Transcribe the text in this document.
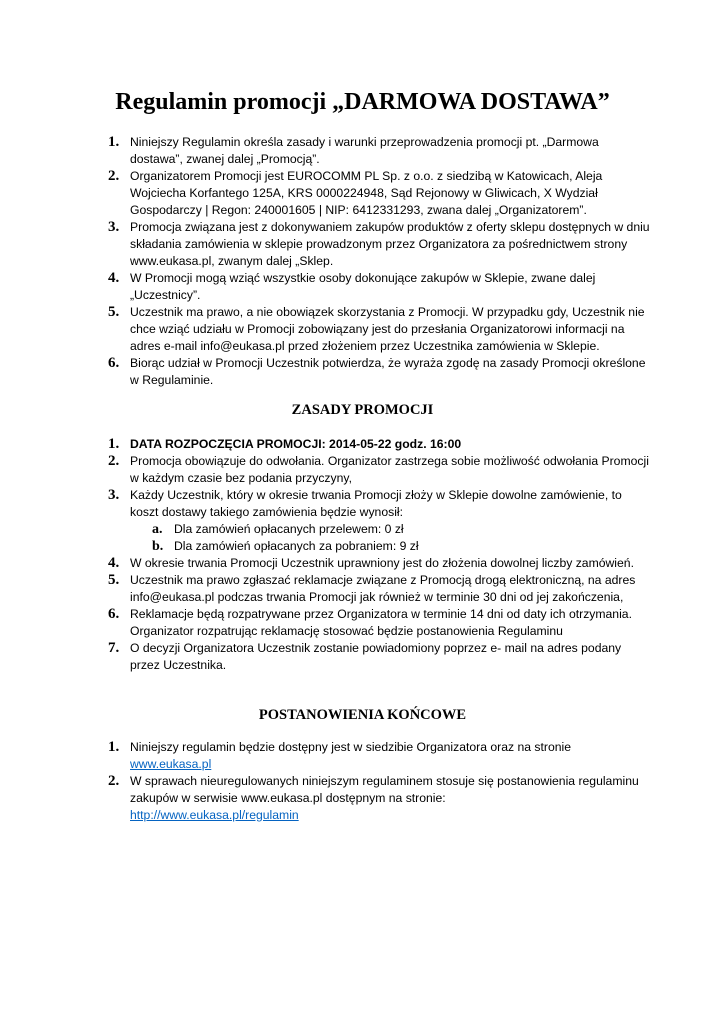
Regulamin promocji „DARMOWA DOSTAWA”
1. Niniejszy Regulamin określa zasady i warunki przeprowadzenia promocji pt. „Darmowa dostawa”, zwanej dalej „Promocją”.
2. Organizatorem Promocji jest EUROCOMM PL Sp. z o.o. z siedzibą w Katowicach, Aleja Wojciecha Korfantego 125A, KRS 0000224948, Sąd Rejonowy w Gliwicach, X Wydział Gospodarczy | Regon: 240001605 | NIP: 6412331293, zwana dalej „Organizatorem”.
3. Promocja związana jest z dokonywaniem zakupów produktów z oferty sklepu dostępnych w dniu składania zamówienia w sklepie prowadzonym przez Organizatora za pośrednictwem strony www.eukasa.pl, zwanym dalej „Sklep.
4. W Promocji mogą wziąć wszystkie osoby dokonujące zakupów w Sklepie, zwane dalej „Uczestnicy”.
5. Uczestnik ma prawo, a nie obowiązek skorzystania z Promocji. W przypadku gdy, Uczestnik nie chce wziąć udziału w Promocji zobowiązany jest do przesłania Organizatorowi informacji na adres e-mail info@eukasa.pl przed złożeniem przez Uczestnika zamówienia w Sklepie.
6. Biorąc udział w Promocji Uczestnik potwierdza, że wyraża zgodę na zasady Promocji określone w Regulaminie.
ZASADY PROMOCJI
1. DATA ROZPOCZĘCIA PROMOCJI: 2014-05-22 godz. 16:00
2. Promocja obowiązuje do odwołania. Organizator zastrzega sobie możliwość odwołania Promocji w każdym czasie bez podania przyczyny,
3. Każdy Uczestnik, który w okresie trwania Promocji złoży w Sklepie dowolne zamówienie, to koszt dostawy takiego zamówienia będzie wynosił:
a. Dla zamówień opłacanych przelewem: 0 zł
b. Dla zamówień opłacanych za pobraniem: 9 zł
4. W okresie trwania Promocji Uczestnik uprawniony jest do złożenia dowolnej liczby zamówień.
5. Uczestnik ma prawo zgłaszać reklamacje związane z Promocją drogą elektroniczną, na adres info@eukasa.pl podczas trwania Promocji jak również w terminie 30 dni od jej zakończenia,
6. Reklamacje będą rozpatrywane przez Organizatora w terminie 14 dni od daty ich otrzymania. Organizator rozpatrując reklamację stosować będzie postanowienia Regulaminu
7. O decyzji Organizatora Uczestnik zostanie powiadomiony poprzez e- mail na adres podany przez Uczestnika.
POSTANOWIENIA KOŃCOWE
1. Niniejszy regulamin będzie dostępny jest w siedzibie Organizatora oraz na stronie
www.eukasa.pl
2. W sprawach nieuregulowanych niniejszym regulaminem stosuje się postanowienia regulaminu zakupów w serwisie www.eukasa.pl dostępnym na stronie:
http://www.eukasa.pl/regulamin
